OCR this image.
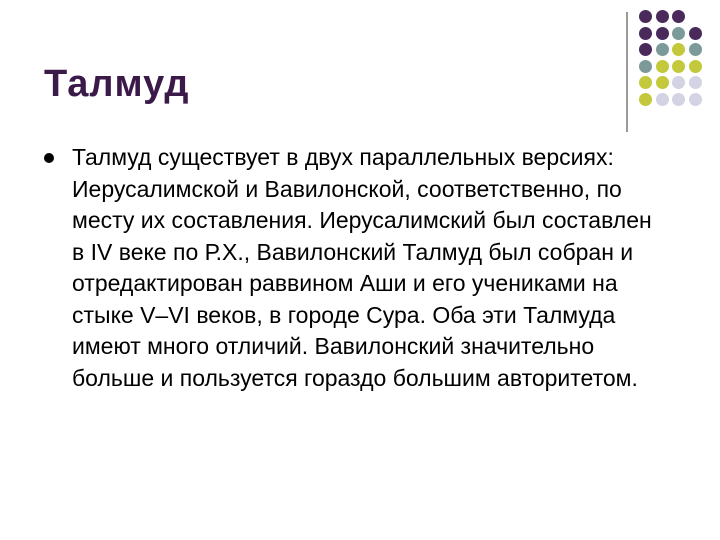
Талмуд
Талмуд существует в двух параллельных версиях: Иерусалимской и Вавилонской, соответственно, по месту их составления. Иерусалимский был составлен в IV веке по Р.Х., Вавилонский Талмуд был собран и отредактирован раввином Аши и его учениками на стыке V–VI веков, в городе Сура. Оба эти Талмуда имеют много отличий. Вавилонский значительно больше и пользуется гораздо большим авторитетом.
